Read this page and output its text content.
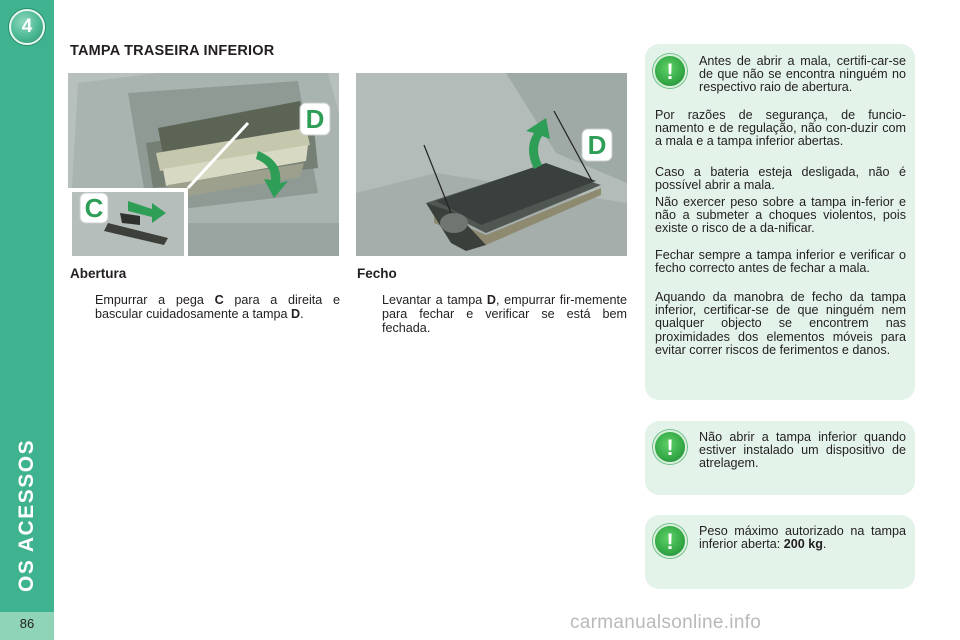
4
OS ACESSOS
86
TAMPA TRASEIRA INFERIOR
D
C
D
Abertura
Empurrar a pega C para a direita e bascular cuidadosamente a tampa D.
Fecho
Levantar a tampa D, empurrar fir-memente para fechar e verificar se está bem fechada.
!	Antes de abrir a mala, certifi-car-se de que não se encontra ninguém no respectivo raio de abertura.
Por razões de segurança, de funcio-namento e de regulação, não con-duzir com a mala e a tampa inferior abertas.
Caso a bateria esteja desligada, não é possível abrir a mala.
Não exercer peso sobre a tampa in-ferior e não a submeter a choques violentos, pois existe o risco de a da-nificar.
Fechar sempre a tampa inferior e verificar o fecho correcto antes de fechar a mala.
Aquando da manobra de fecho da tampa inferior, certificar-se de que ninguém nem qualquer objecto se encontrem nas proximidades dos elementos móveis para evitar correr riscos de ferimentos e danos.
!	Não abrir a tampa inferior quando estiver instalado um dispositivo de atrelagem.
!	Peso máximo autorizado na tampa inferior aberta: 200 kg.
carmanualsonline.info
